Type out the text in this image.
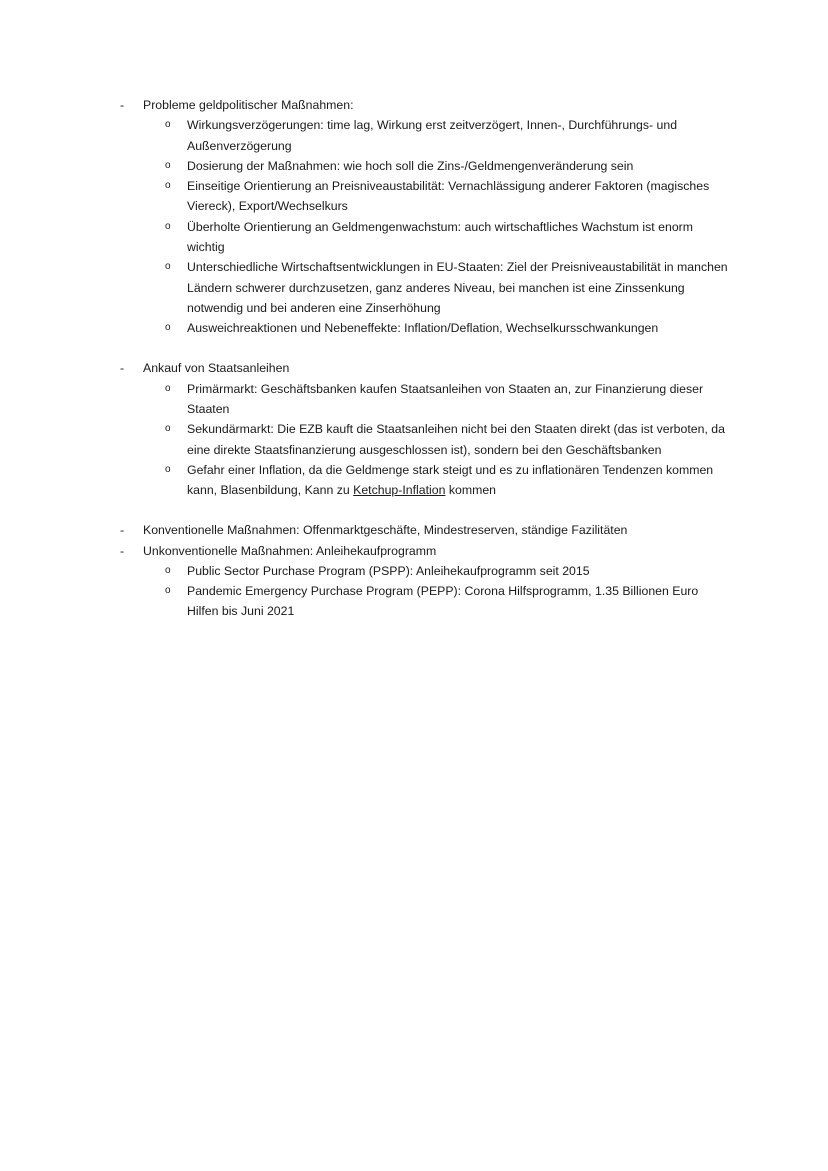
- Probleme geldpolitischer Maßnahmen:
o Wirkungsverzögerungen: time lag, Wirkung erst zeitverzögert, Innen-, Durchführungs- und Außenverzögerung
o Dosierung der Maßnahmen: wie hoch soll die Zins-/Geldmengenveränderung sein
o Einseitige Orientierung an Preisniveaustabilität: Vernachlässigung anderer Faktoren (magisches Viereck), Export/Wechselkurs
o Überholte Orientierung an Geldmengenwachstum: auch wirtschaftliches Wachstum ist enorm wichtig
o Unterschiedliche Wirtschaftsentwicklungen in EU-Staaten: Ziel der Preisniveaustabilität in manchen Ländern schwerer durchzusetzen, ganz anderes Niveau, bei manchen ist eine Zinssenkung notwendig und bei anderen eine Zinserhöhung
o Ausweichreaktionen und Nebeneffekte: Inflation/Deflation, Wechselkursschwankungen
- Ankauf von Staatsanleihen
o Primärmarkt: Geschäftsbanken kaufen Staatsanleihen von Staaten an, zur Finanzierung dieser Staaten
o Sekundärmarkt: Die EZB kauft die Staatsanleihen nicht bei den Staaten direkt (das ist verboten, da eine direkte Staatsfinanzierung ausgeschlossen ist), sondern bei den Geschäftsbanken
o Gefahr einer Inflation, da die Geldmenge stark steigt und es zu inflationären Tendenzen kommen kann, Blasenbildung, Kann zu Ketchup-Inflation kommen
- Konventionelle Maßnahmen: Offenmarktgeschäfte, Mindestreserven, ständige Fazilitäten
- Unkonventionelle Maßnahmen: Anleihekaufprogramm
o Public Sector Purchase Program (PSPP): Anleihekaufprogramm seit 2015
o Pandemic Emergency Purchase Program (PEPP): Corona Hilfsprogramm, 1.35 Billionen Euro Hilfen bis Juni 2021
